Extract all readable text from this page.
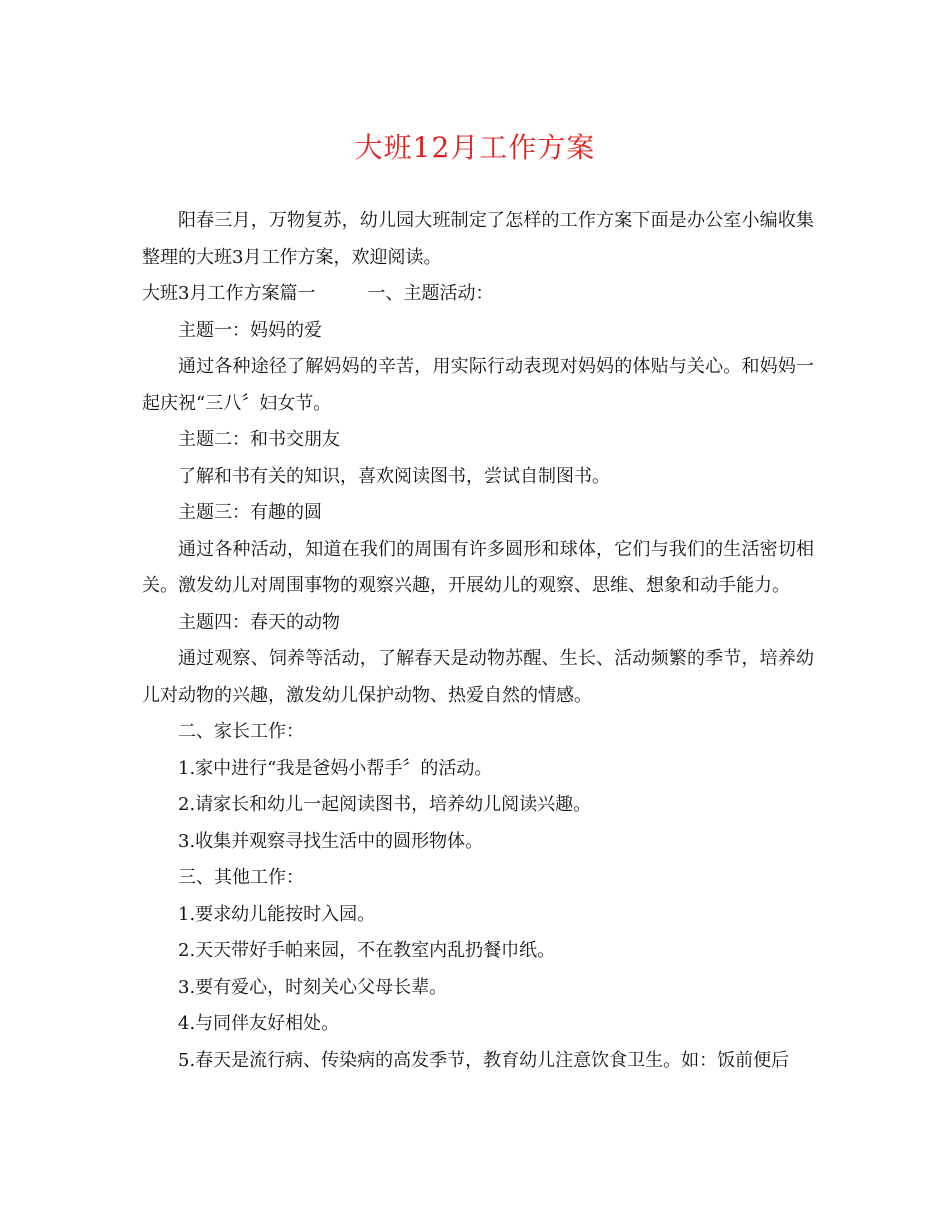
大班12月工作方案

阳春三月，万物复苏，幼儿园大班制定了怎样的工作方案下面是办公室小编收集整理的大班3月工作方案，欢迎阅读。

大班3月工作方案篇一	一、主题活动：

主题一：妈妈的爱

通过各种途径了解妈妈的辛苦，用实际行动表现对妈妈的体贴与关心。和妈妈一起庆祝“三八〞妇女节。

主题二：和书交朋友

了解和书有关的知识，喜欢阅读图书，尝试自制图书。

主题三：有趣的圆

通过各种活动，知道在我们的周围有许多圆形和球体，它们与我们的生活密切相关。激发幼儿对周围事物的观察兴趣，开展幼儿的观察、思维、想象和动手能力。

主题四：春天的动物

通过观察、饲养等活动，了解春天是动物苏醒、生长、活动频繁的季节，培养幼儿对动物的兴趣，激发幼儿保护动物、热爱自然的情感。

二、家长工作：

1.家中进行“我是爸妈小帮手〞的活动。

2.请家长和幼儿一起阅读图书，培养幼儿阅读兴趣。

3.收集并观察寻找生活中的圆形物体。

三、其他工作：

1.要求幼儿能按时入园。

2.天天带好手帕来园，不在教室内乱扔餐巾纸。

3.要有爱心，时刻关心父母长辈。

4.与同伴友好相处。

5.春天是流行病、传染病的高发季节，教育幼儿注意饮食卫生。如：饭前便后
